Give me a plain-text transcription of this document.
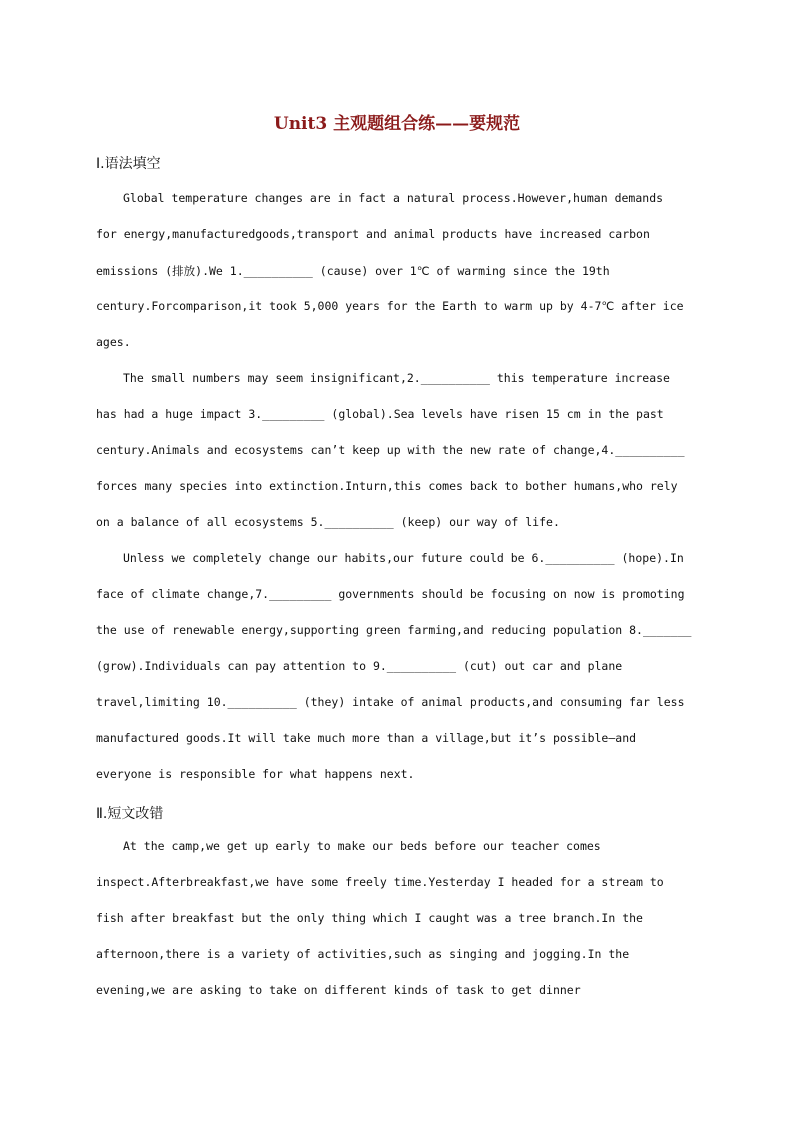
Unit3 主观题组合练——要规范
Ⅰ.语法填空
Global temperature changes are in fact a natural process.However,human demands
for energy,manufacturedgoods,transport and animal products have increased carbon
emissions (排放).We 1.__________ (cause) over 1℃ of warming since the 19th
century.Forcomparison,it took 5,000 years for the Earth to warm up by 4-7℃ after ice
ages.
The small numbers may seem insignificant,2.__________ this temperature increase
has had a huge impact 3._________ (global).Sea levels have risen 15 cm in the past
century.Animals and ecosystems can’t keep up with the new rate of change,4.__________
forces many species into extinction.Inturn,this comes back to bother humans,who rely
on a balance of all ecosystems 5.__________ (keep) our way of life.
Unless we completely change our habits,our future could be 6.__________ (hope).In
face of climate change,7._________ governments should be focusing on now is promoting
the use of renewable energy,supporting green farming,and reducing population 8._______
(grow).Individuals can pay attention to 9.__________ (cut) out car and plane
travel,limiting 10.__________ (they) intake of animal products,and consuming far less
manufactured goods.It will take much more than a village,but it’s possible—and
everyone is responsible for what happens next.
Ⅱ.短文改错
At the camp,we get up early to make our beds before our teacher comes
inspect.Afterbreakfast,we have some freely time.Yesterday I headed for a stream to
fish after breakfast but the only thing which I caught was a tree branch.In the
afternoon,there is a variety of activities,such as singing and jogging.In the
evening,we are asking to take on different kinds of task to get dinner
